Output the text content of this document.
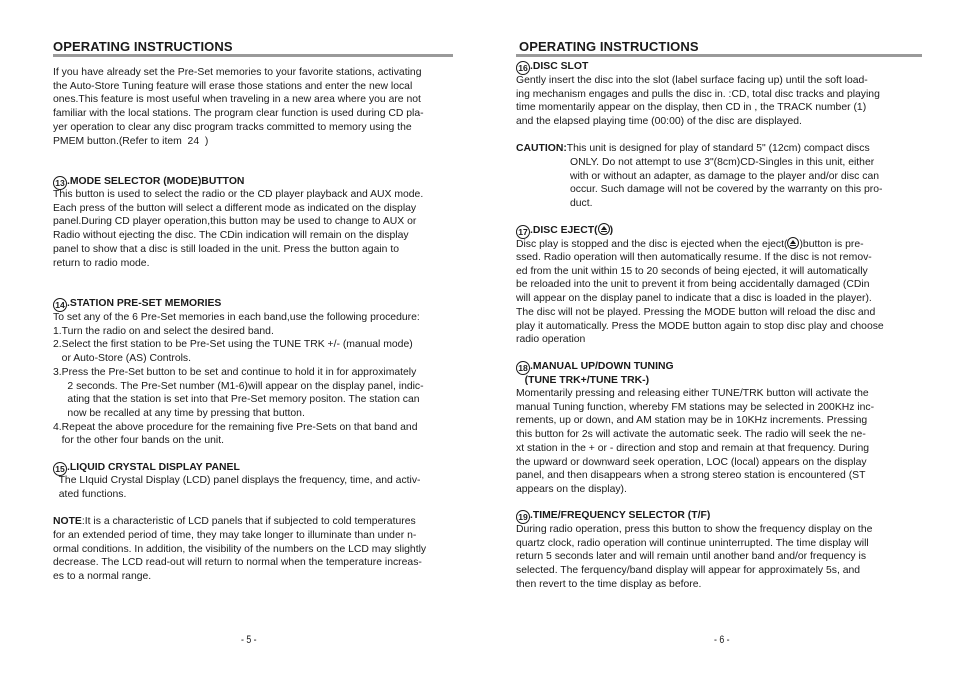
OPERATING INSTRUCTIONS
If you have already set the Pre-Set memories to your favorite stations, activating
the Auto-Store Tuning feature will erase those stations and enter the new local
ones.This feature is most useful when traveling in a new area where you are not
familiar with the local stations. The program clear function is used during CD pla-
yer operation to clear any disc program tracks committed to memory using the
PMEM button.(Refer to item  24  )
13 .MODE SELECTOR (MODE)BUTTON
This button is used to select the radio or the CD player playback and AUX mode.
Each press of the button will select a different mode as indicated on the display
panel.During CD player operation,this button may be used to change to AUX or
Radio without ejecting the disc. The CDin indication will remain on the display
panel to show that a disc is still loaded in the unit. Press the button again to
return to radio mode.
14 .STATION PRE-SET MEMORIES
To set any of the 6 Pre-Set memories in each band,use the following procedure:
1.Turn the radio on and select the desired band.
2.Select the first station to be Pre-Set using the TUNE TRK +/- (manual mode)
or Auto-Store (AS) Controls.
3.Press the Pre-Set button to be set and continue to hold it in for approximately
2 seconds. The Pre-Set number (M1-6)will appear on the display panel, indic-
ating that the station is set into that Pre-Set memory positon. The station can
now be recalled at any time by pressing that button.
4.Repeat the above procedure for the remaining five Pre-Sets on that band and
for the other four bands on the unit.
15 .LIQUID CRYSTAL DISPLAY PANEL
The LIquid Crystal Display (LCD) panel displays the frequency, time, and activ-
ated functions.
NOTE:It is a characteristic of LCD panels that if subjected to cold temperatures
for an extended period of time, they may take longer to illuminate than under n-
ormal conditions. In addition, the visibility of the numbers on the LCD may slightly
decrease. The LCD read-out will return to normal when the temperature increas-
es to a normal range.
- 5 -
OPERATING INSTRUCTIONS
16 .DISC SLOT
Gently insert the disc into the slot (label surface facing up) until the soft load-
ing mechanism engages and pulls the disc in. :CD, total disc tracks and playing
time momentarily appear on the display, then CD in , the TRACK number (1)
and the elapsed playing time (00:00) of the disc are displayed.
CAUTION:This unit is designed for play of standard 5" (12cm) compact discs
ONLY. Do not attempt to use 3"(8cm)CD-Singles in this unit, either
with or without an adapter, as damage to the player and/or disc can
occur. Such damage will not be covered by the warranty on this pro-
duct.
17 .DISC EJECT( )
Disc play is stopped and the disc is ejected when the eject( )button is pre-
ssed. Radio operation will then automatically resume. If the disc is not remov-
ed from the unit within 15 to 20 seconds of being ejected, it will automatically
be reloaded into the unit to prevent it from being accidentally damaged (CDin
will appear on the display panel to indicate that a disc is loaded in the player).
The disc will not be played. Pressing the MODE button will reload the disc and
play it automatically. Press the MODE button again to stop disc play and choose
radio operation
18 .MANUAL UP/DOWN TUNING
(TUNE TRK+/TUNE TRK-)
Momentarily pressing and releasing either TUNE/TRK button will activate the
manual Tuning function, whereby FM stations may be selected in 200KHz inc-
rements, up or down, and AM station may be in 10KHz increments. Pressing
this button for 2s will activate the automatic seek. The radio will seek the ne-
xt station in the + or - direction and stop and remain at that frequency. During
the upward or downward seek operation, LOC (local) appears on the display
panel, and then disappears when a strong stereo station is encountered (ST
appears on the display).
19 .TIME/FREQUENCY SELECTOR (T/F)
During radio operation, press this button to show the frequency display on the
quartz clock, radio operation will continue uninterrupted. The time display will
return 5 seconds later and will remain until another band and/or frequency is
selected. The ferquency/band display will appear for approximately 5s, and
then revert to the time display as before.
- 6 -
